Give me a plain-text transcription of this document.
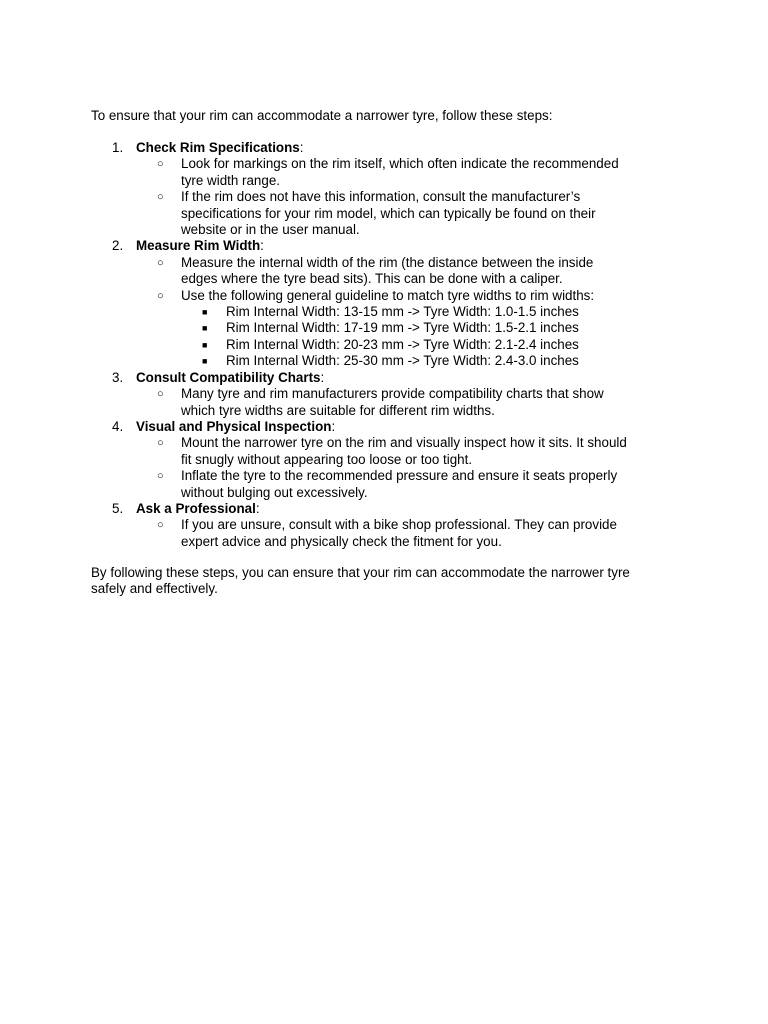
To ensure that your rim can accommodate a narrower tyre, follow these steps:

1. Check Rim Specifications:
○ Look for markings on the rim itself, which often indicate the recommended tyre width range.
○ If the rim does not have this information, consult the manufacturer’s specifications for your rim model, which can typically be found on their website or in the user manual.
2. Measure Rim Width:
○ Measure the internal width of the rim (the distance between the inside edges where the tyre bead sits). This can be done with a caliper.
○ Use the following general guideline to match tyre widths to rim widths:
■ Rim Internal Width: 13-15 mm -> Tyre Width: 1.0-1.5 inches
■ Rim Internal Width: 17-19 mm -> Tyre Width: 1.5-2.1 inches
■ Rim Internal Width: 20-23 mm -> Tyre Width: 2.1-2.4 inches
■ Rim Internal Width: 25-30 mm -> Tyre Width: 2.4-3.0 inches
3. Consult Compatibility Charts:
○ Many tyre and rim manufacturers provide compatibility charts that show which tyre widths are suitable for different rim widths.
4. Visual and Physical Inspection:
○ Mount the narrower tyre on the rim and visually inspect how it sits. It should fit snugly without appearing too loose or too tight.
○ Inflate the tyre to the recommended pressure and ensure it seats properly without bulging out excessively.
5. Ask a Professional:
○ If you are unsure, consult with a bike shop professional. They can provide expert advice and physically check the fitment for you.

By following these steps, you can ensure that your rim can accommodate the narrower tyre safely and effectively.
